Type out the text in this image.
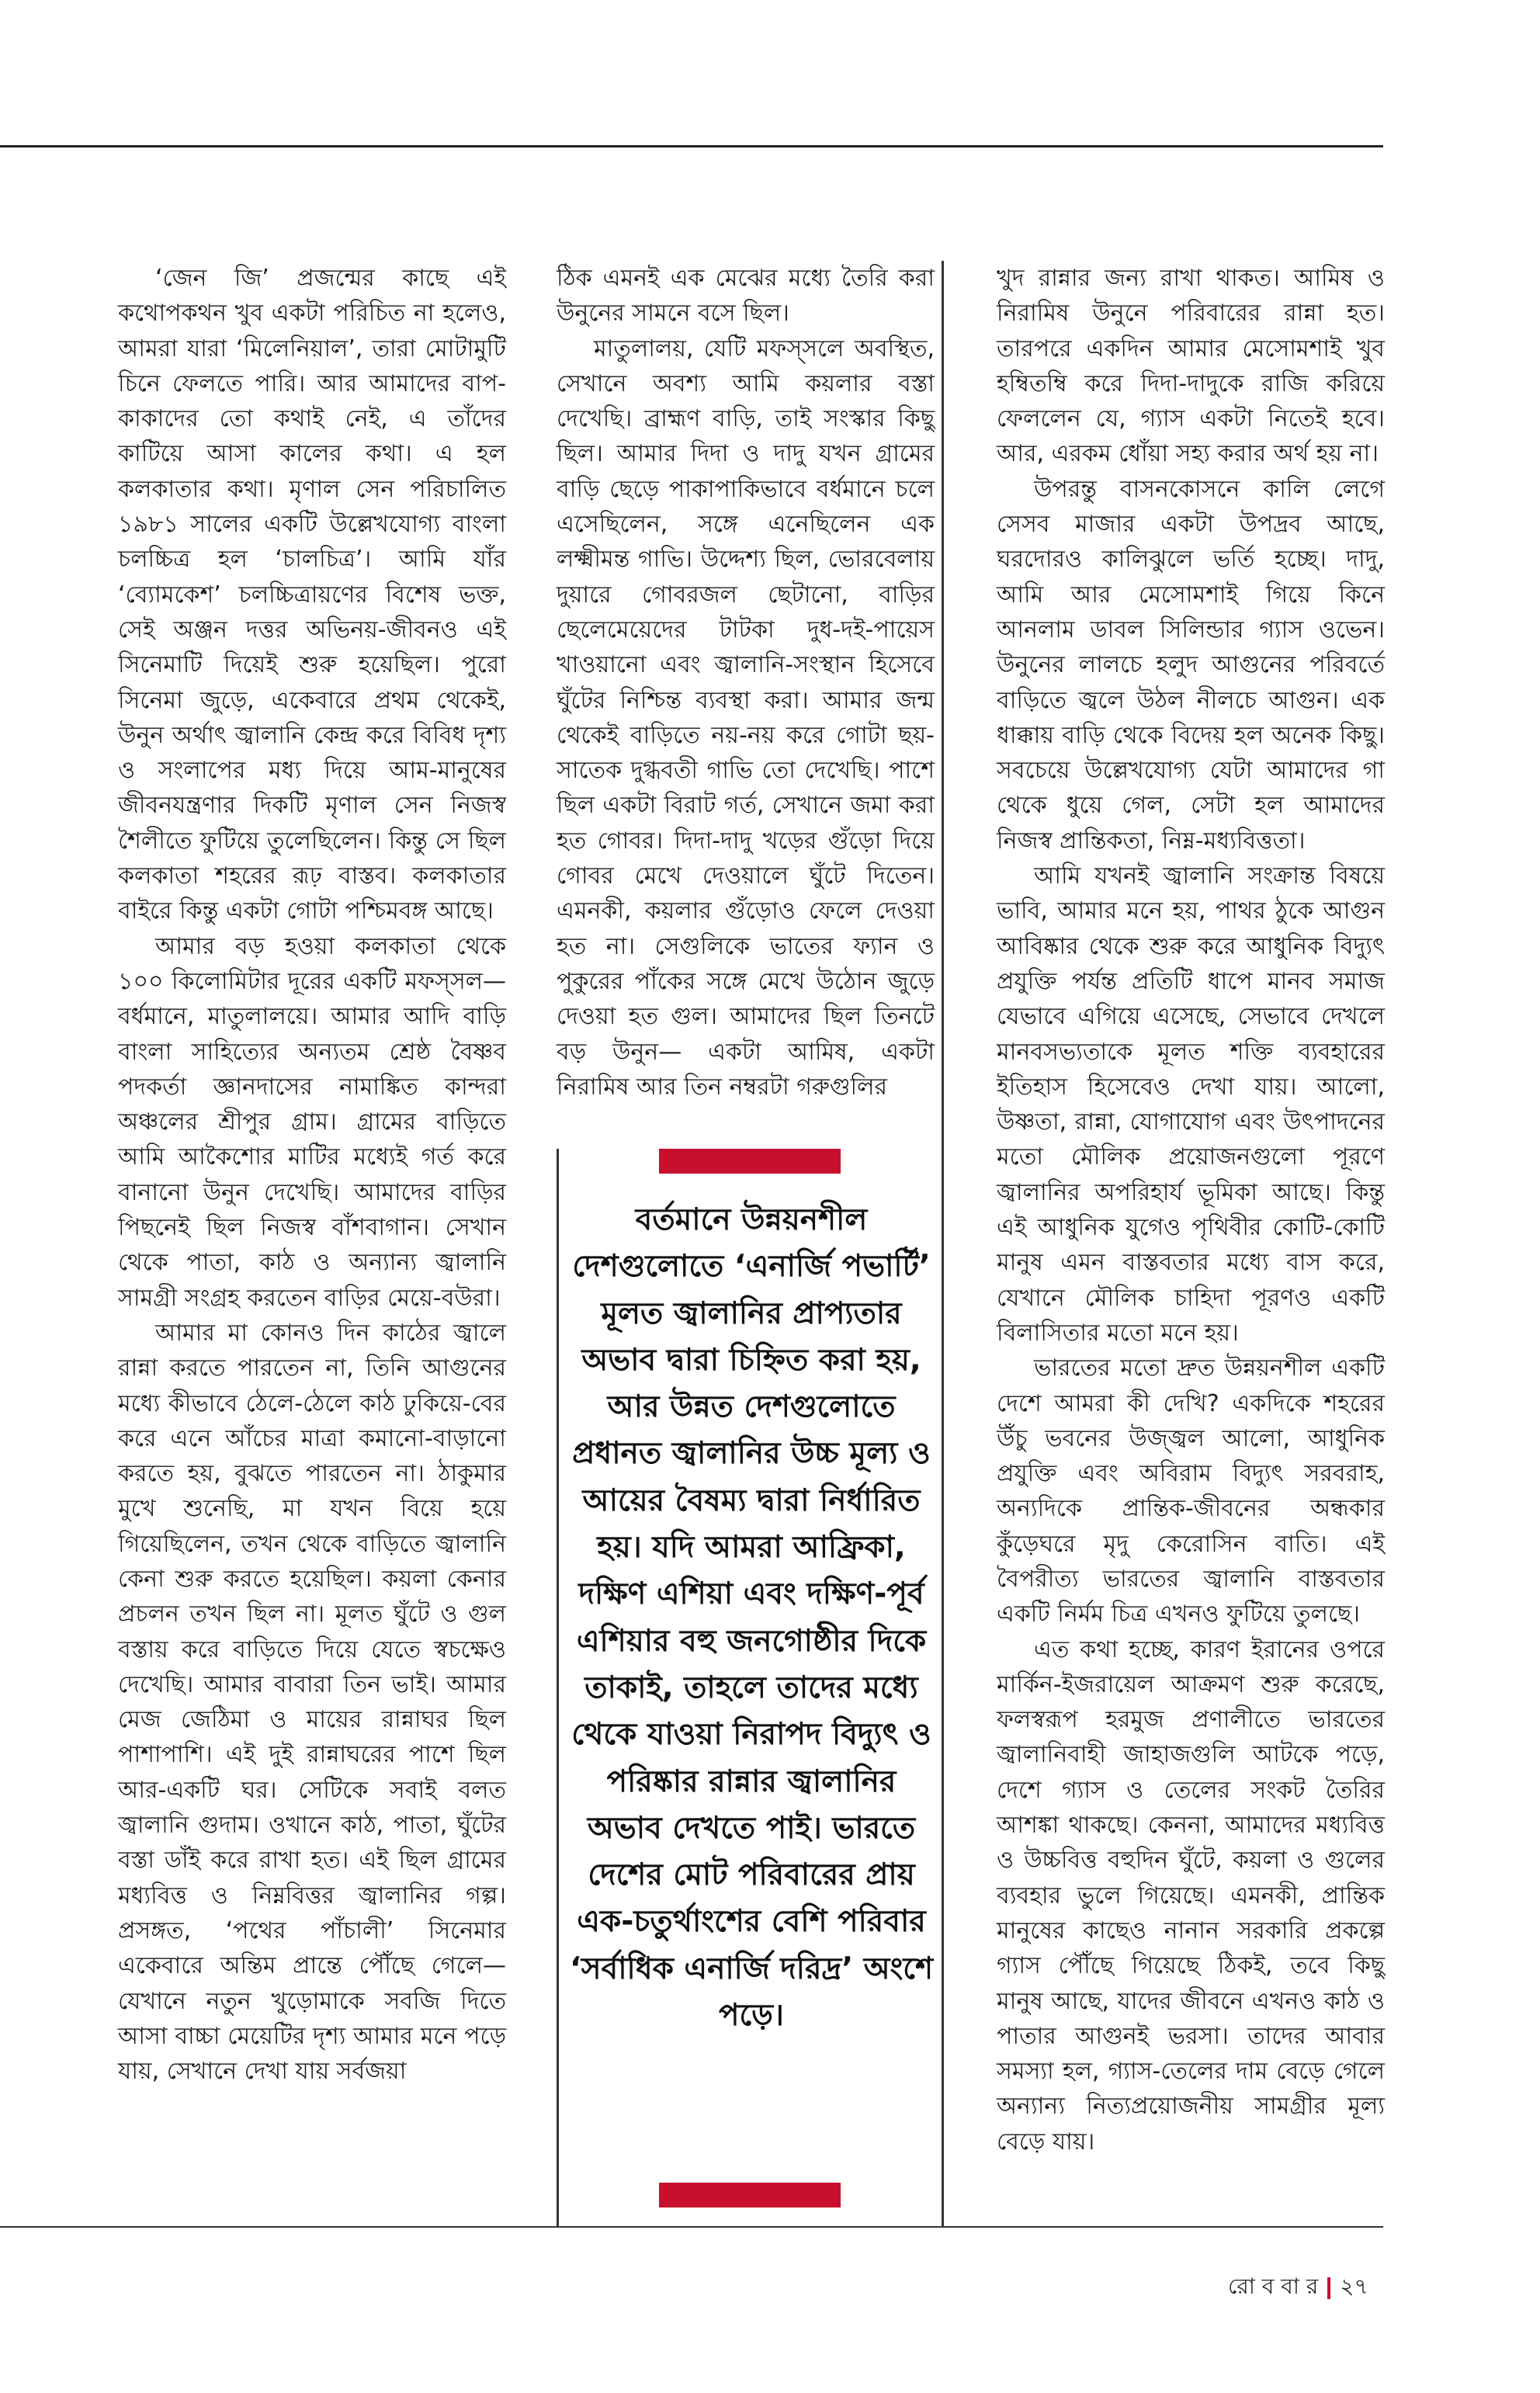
‘জেন জি’ প্রজন্মের কাছে এই কথোপকথন খুব একটা পরিচিত না হলেও, আমরা যারা ‘মিলেনিয়াল’, তারা মোটামুটি চিনে ফেলতে পারি। আর আমাদের বাপ-কাকাদের তো কথাই নেই, এ তাঁদের কাটিয়ে আসা কালের কথা। এ হল কলকাতার কথা। মৃণাল সেন পরিচালিত ১৯৮১ সালের একটি উল্লেখযোগ্য বাংলা চলচ্চিত্র হল ‘চালচিত্র’। আমি যাঁর ‘ব্যোমকেশ’ চলচ্চিত্রায়ণের বিশেষ ভক্ত, সেই অঞ্জন দত্তর অভিনয়-জীবনও এই সিনেমাটি দিয়েই শুরু হয়েছিল। পুরো সিনেমা জুড়ে, একেবারে প্রথম থেকেই, উনুন অর্থাৎ জ্বালানি কেন্দ্র করে বিবিধ দৃশ্য ও সংলাপের মধ্য দিয়ে আম-মানুষের জীবনযন্ত্রণার দিকটি মৃণাল সেন নিজস্ব শৈলীতে ফুটিয়ে তুলেছিলেন। কিন্তু সে ছিল কলকাতা শহরের রূঢ় বাস্তব। কলকাতার বাইরে কিন্তু একটা গোটা পশ্চিমবঙ্গ আছে।

আমার বড় হওয়া কলকাতা থেকে ১০০ কিলোমিটার দূরের একটি মফস্সল— বর্ধমানে, মাতুলালয়ে। আমার আদি বাড়ি বাংলা সাহিত্যের অন্যতম শ্রেষ্ঠ বৈষ্ণব পদকর্তা জ্ঞানদাসের নামাঙ্কিত কান্দরা অঞ্চলের শ্রীপুর গ্রাম। গ্রামের বাড়িতে আমি আকৈশোর মাটির মধ্যেই গর্ত করে বানানো উনুন দেখেছি। আমাদের বাড়ির পিছনেই ছিল নিজস্ব বাঁশবাগান। সেখান থেকে পাতা, কাঠ ও অন্যান্য জ্বালানি সামগ্রী সংগ্রহ করতেন বাড়ির মেয়ে-বউরা।

আমার মা কোনও দিন কাঠের জ্বালে রান্না করতে পারতেন না, তিনি আগুনের মধ্যে কীভাবে ঠেলে-ঠেলে কাঠ ঢুকিয়ে-বের করে এনে আঁচের মাত্রা কমানো-বাড়ানো করতে হয়, বুঝতে পারতেন না। ঠাকুমার মুখে শুনেছি, মা যখন বিয়ে হয়ে গিয়েছিলেন, তখন থেকে বাড়িতে জ্বালানি কেনা শুরু করতে হয়েছিল। কয়লা কেনার প্রচলন তখন ছিল না। মূলত ঘুঁটে ও গুল বস্তায় করে বাড়িতে দিয়ে যেতে স্বচক্ষেও দেখেছি। আমার বাবারা তিন ভাই। আমার মেজ জেঠিমা ও মায়ের রান্নাঘর ছিল পাশাপাশি। এই দুই রান্নাঘরের পাশে ছিল আর-একটি ঘর। সেটিকে সবাই বলত জ্বালানি গুদাম। ওখানে কাঠ, পাতা, ঘুঁটের বস্তা ডাঁই করে রাখা হত। এই ছিল গ্রামের মধ্যবিত্ত ও নিম্নবিত্তর জ্বালানির গল্প। প্রসঙ্গত, ‘পথের পাঁচালী’ সিনেমার একেবারে অন্তিম প্রান্তে পৌঁছে গেলে— যেখানে নতুন খুড়োমাকে সবজি দিতে আসা বাচ্চা মেয়েটির দৃশ্য আমার মনে পড়ে যায়, সেখানে দেখা যায় সর্বজয়া

ঠিক এমনই এক মেঝের মধ্যে তৈরি করা উনুনের সামনে বসে ছিল।

মাতুলালয়, যেটি মফস্সলে অবস্থিত, সেখানে অবশ্য আমি কয়লার বস্তা দেখেছি। ব্রাহ্মণ বাড়ি, তাই সংস্কার কিছু ছিল। আমার দিদা ও দাদু যখন গ্রামের বাড়ি ছেড়ে পাকাপাকিভাবে বর্ধমানে চলে এসেছিলেন, সঙ্গে এনেছিলেন এক লক্ষ্মীমন্ত গাভি। উদ্দেশ্য ছিল, ভোরবেলায় দুয়ারে গোবরজল ছেটানো, বাড়ির ছেলেমেয়েদের টাটকা দুধ-দই-পায়েস খাওয়ানো এবং জ্বালানি-সংস্থান হিসেবে ঘুঁটের নিশ্চিন্ত ব্যবস্থা করা। আমার জন্ম থেকেই বাড়িতে নয়-নয় করে গোটা ছয়-সাতেক দুগ্ধবতী গাভি তো দেখেছি। পাশে ছিল একটা বিরাট গর্ত, সেখানে জমা করা হত গোবর। দিদা-দাদু খড়ের গুঁড়ো দিয়ে গোবর মেখে দেওয়ালে ঘুঁটে দিতেন। এমনকী, কয়লার গুঁড়োও ফেলে দেওয়া হত না। সেগুলিকে ভাতের ফ্যান ও পুকুরের পাঁকের সঙ্গে মেখে উঠোন জুড়ে দেওয়া হত গুল। আমাদের ছিল তিনটে বড় উনুন— একটা আমিষ, একটা নিরামিষ আর তিন নম্বরটা গরুগুলির

বর্তমানে উন্নয়নশীল দেশগুলোতে ‘এনার্জি পভার্টি’ মূলত জ্বালানির প্রাপ্যতার অভাব দ্বারা চিহ্নিত করা হয়, আর উন্নত দেশগুলোতে প্রধানত জ্বালানির উচ্চ মূল্য ও আয়ের বৈষম্য দ্বারা নির্ধারিত হয়। যদি আমরা আফ্রিকা, দক্ষিণ এশিয়া এবং দক্ষিণ-পূর্ব এশিয়ার বহু জনগোষ্ঠীর দিকে তাকাই, তাহলে তাদের মধ্যে থেকে যাওয়া নিরাপদ বিদ্যুৎ ও পরিষ্কার রান্নার জ্বালানির অভাব দেখতে পাই। ভারতে দেশের মোট পরিবারের প্রায় এক-চতুর্থাংশের বেশি পরিবার ‘সর্বাধিক এনার্জি দরিদ্র’ অংশে পড়ে।

খুদ রান্নার জন্য রাখা থাকত। আমিষ ও নিরামিষ উনুনে পরিবারের রান্না হত। তারপরে একদিন আমার মেসোমশাই খুব হম্বিতম্বি করে দিদা-দাদুকে রাজি করিয়ে ফেললেন যে, গ্যাস একটা নিতেই হবে। আর, এরকম ধোঁয়া সহ্য করার অর্থ হয় না।

উপরন্তু বাসনকোসনে কালি লেগে সেসব মাজার একটা উপদ্রব আছে, ঘরদোরও কালিঝুলে ভর্তি হচ্ছে। দাদু, আমি আর মেসোমশাই গিয়ে কিনে আনলাম ডাবল সিলিন্ডার গ্যাস ওভেন। উনুনের লালচে হলুদ আগুনের পরিবর্তে বাড়িতে জ্বলে উঠল নীলচে আগুন। এক ধাক্কায় বাড়ি থেকে বিদেয় হল অনেক কিছু। সবচেয়ে উল্লেখযোগ্য যেটা আমাদের গা থেকে ধুয়ে গেল, সেটা হল আমাদের নিজস্ব প্রান্তিকতা, নিম্ন-মধ্যবিত্ততা।

আমি যখনই জ্বালানি সংক্রান্ত বিষয়ে ভাবি, আমার মনে হয়, পাথর ঠুকে আগুন আবিষ্কার থেকে শুরু করে আধুনিক বিদ্যুৎ প্রযুক্তি পর্যন্ত প্রতিটি ধাপে মানব সমাজ যেভাবে এগিয়ে এসেছে, সেভাবে দেখলে মানবসভ্যতাকে মূলত শক্তি ব্যবহারের ইতিহাস হিসেবেও দেখা যায়। আলো, উষ্ণতা, রান্না, যোগাযোগ এবং উৎপাদনের মতো মৌলিক প্রয়োজনগুলো পূরণে জ্বালানির অপরিহার্য ভূমিকা আছে। কিন্তু এই আধুনিক যুগেও পৃথিবীর কোটি-কোটি মানুষ এমন বাস্তবতার মধ্যে বাস করে, যেখানে মৌলিক চাহিদা পূরণও একটি বিলাসিতার মতো মনে হয়।

ভারতের মতো দ্রুত উন্নয়নশীল একটি দেশে আমরা কী দেখি? একদিকে শহরের উঁচু ভবনের উজ্জ্বল আলো, আধুনিক প্রযুক্তি এবং অবিরাম বিদ্যুৎ সরবরাহ, অন্যদিকে প্রান্তিক-জীবনের অন্ধকার কুঁড়েঘরে মৃদু কেরোসিন বাতি। এই বৈপরীত্য ভারতের জ্বালানি বাস্তবতার একটি নির্মম চিত্র এখনও ফুটিয়ে তুলছে।

এত কথা হচ্ছে, কারণ ইরানের ওপরে মার্কিন-ইজরায়েল আক্রমণ শুরু করেছে, ফলস্বরূপ হরমুজ প্রণালীতে ভারতের জ্বালানিবাহী জাহাজগুলি আটকে পড়ে, দেশে গ্যাস ও তেলের সংকট তৈরির আশঙ্কা থাকছে। কেননা, আমাদের মধ্যবিত্ত ও উচ্চবিত্ত বহুদিন ঘুঁটে, কয়লা ও গুলের ব্যবহার ভুলে গিয়েছে। এমনকী, প্রান্তিক মানুষের কাছেও নানান সরকারি প্রকল্পে গ্যাস পৌঁছে গিয়েছে ঠিকই, তবে কিছু মানুষ আছে, যাদের জীবনে এখনও কাঠ ও পাতার আগুনই ভরসা। তাদের আবার সমস্যা হল, গ্যাস-তেলের দাম বেড়ে গেলে অন্যান্য নিত্যপ্রয়োজনীয় সামগ্রীর মূল্য বেড়ে যায়।

রো ব বা র ২৭
